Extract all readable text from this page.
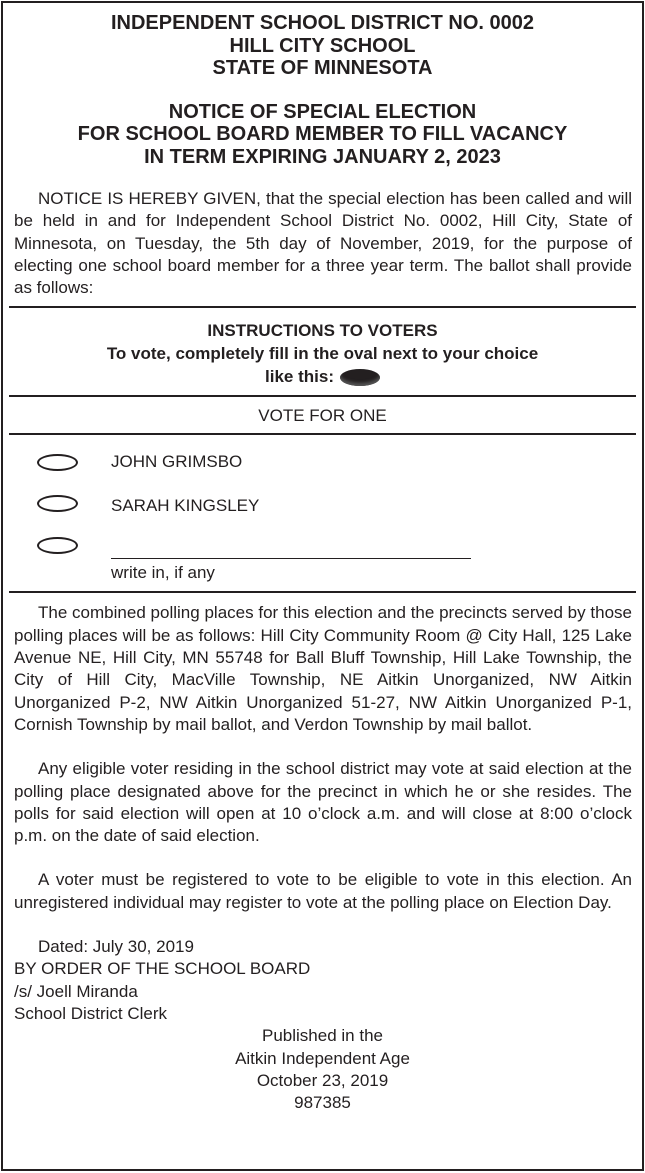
INDEPENDENT SCHOOL DISTRICT NO. 0002
HILL CITY SCHOOL
STATE OF MINNESOTA
NOTICE OF SPECIAL ELECTION
FOR SCHOOL BOARD MEMBER TO FILL VACANCY
IN TERM EXPIRING JANUARY 2, 2023
NOTICE IS HEREBY GIVEN, that the special election has been called and will be held in and for Independent School District No. 0002, Hill City, State of Minnesota, on Tuesday, the 5th day of November, 2019, for the purpose of electing one school board member for a three year term. The ballot shall provide as follows:
INSTRUCTIONS TO VOTERS
To vote, completely fill in the oval next to your choice
like this:
VOTE FOR ONE
JOHN GRIMSBO
SARAH KINGSLEY
write in, if any
The combined polling places for this election and the precincts served by those polling places will be as follows: Hill City Community Room @ City Hall, 125 Lake Avenue NE, Hill City, MN 55748 for Ball Bluff Township, Hill Lake Township, the City of Hill City, MacVille Township, NE Aitkin Unorganized, NW Aitkin Unorganized P-2, NW Aitkin Unorganized 51-27, NW Aitkin Unorganized P-1, Cornish Township by mail ballot, and Verdon Township by mail ballot.
Any eligible voter residing in the school district may vote at said election at the polling place designated above for the precinct in which he or she resides. The polls for said election will open at 10 o’clock a.m. and will close at 8:00 o’clock p.m. on the date of said election.
A voter must be registered to vote to be eligible to vote in this election. An unregistered individual may register to vote at the polling place on Election Day.
Dated: July 30, 2019
BY ORDER OF THE SCHOOL BOARD
/s/ Joell Miranda
School District Clerk
Published in the
Aitkin Independent Age
October 23, 2019
987385
